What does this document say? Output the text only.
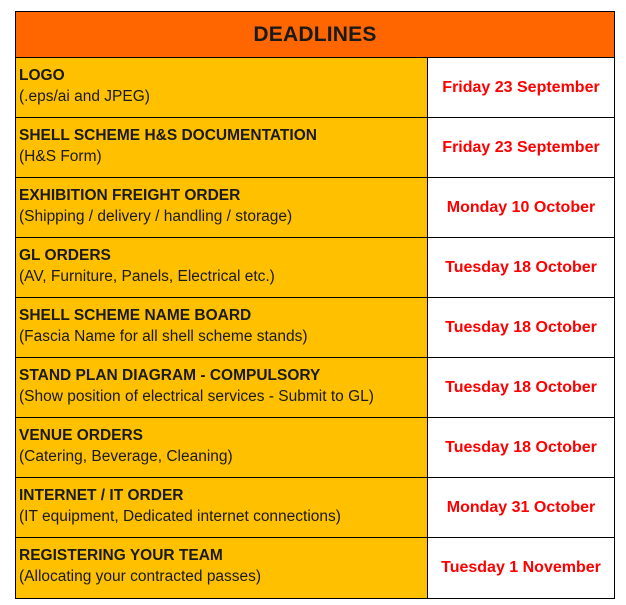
DEADLINES
LOGO
(.eps/ai and JPEG)
Friday 23 September
SHELL SCHEME H&S DOCUMENTATION
(H&S Form)
Friday 23 September
EXHIBITION FREIGHT ORDER
(Shipping / delivery / handling / storage)
Monday 10 October
GL ORDERS
(AV, Furniture, Panels, Electrical etc.)
Tuesday 18 October
SHELL SCHEME NAME BOARD
(Fascia Name for all shell scheme stands)
Tuesday 18 October
STAND PLAN DIAGRAM - COMPULSORY
(Show position of electrical services - Submit to GL)
Tuesday 18 October
VENUE ORDERS
(Catering, Beverage, Cleaning)
Tuesday 18 October
INTERNET / IT ORDER
(IT equipment, Dedicated internet connections)
Monday 31 October
REGISTERING YOUR TEAM
(Allocating your contracted passes)
Tuesday 1 November
